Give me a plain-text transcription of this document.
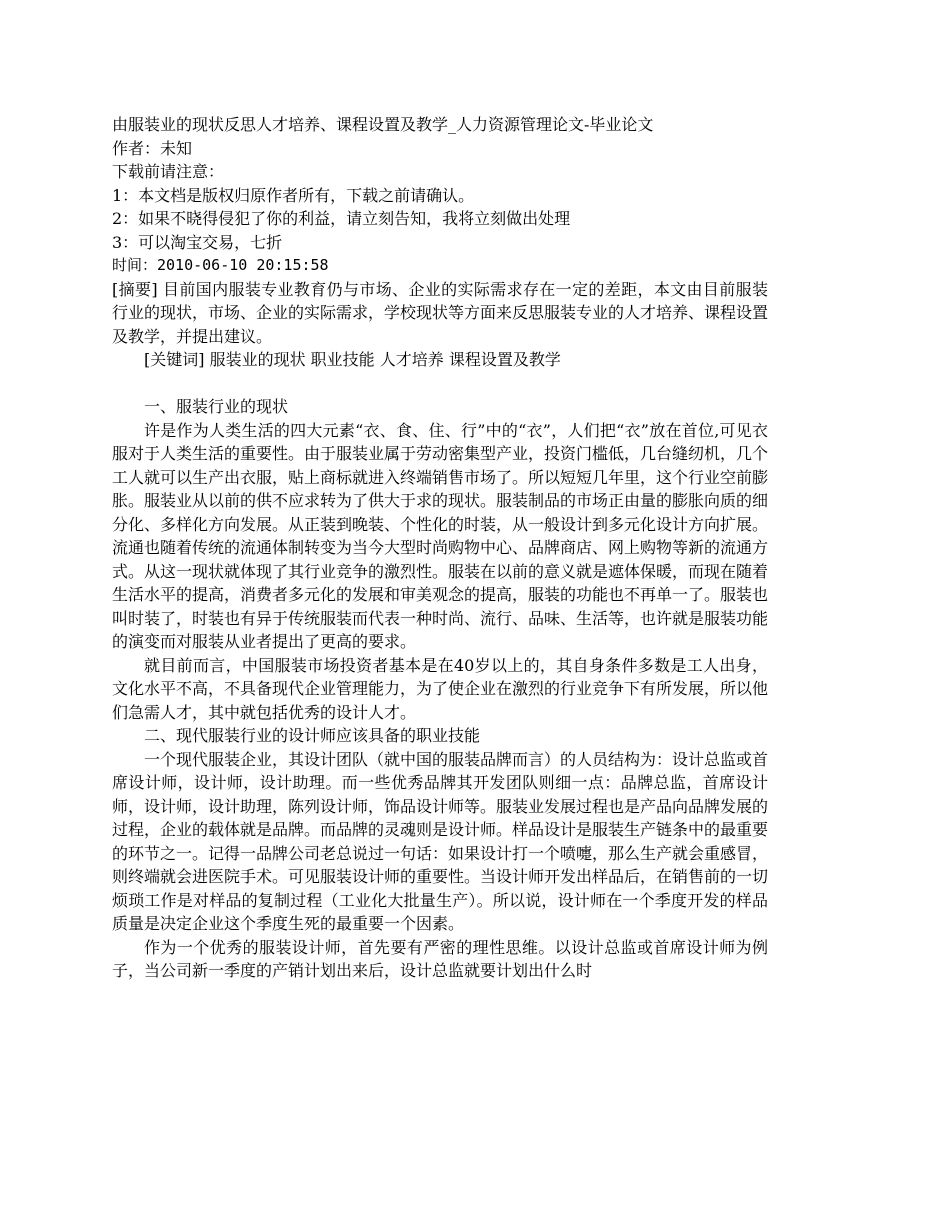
由服装业的现状反思人才培养、课程设置及教学_人力资源管理论文-毕业论文

作者：未知

下载前请注意：

1：本文档是版权归原作者所有，下载之前请确认。

2：如果不晓得侵犯了你的利益，请立刻告知，我将立刻做出处理

3：可以淘宝交易，七折

时间：2010-06-10 20:15:58

[摘要] 目前国内服装专业教育仍与市场、企业的实际需求存在一定的差距，本文由目前服装行业的现状，市场、企业的实际需求，学校现状等方面来反思服装专业的人才培养、课程设置及教学，并提出建议。

[关键词] 服装业的现状 职业技能 人才培养 课程设置及教学

一、服装行业的现状

许是作为人类生活的四大元素“衣、食、住、行”中的“衣”，人们把“衣”放在首位,可见衣服对于人类生活的重要性。由于服装业属于劳动密集型产业，投资门槛低，几台缝纫机，几个工人就可以生产出衣服，贴上商标就进入终端销售市场了。所以短短几年里，这个行业空前膨胀。服装业从以前的供不应求转为了供大于求的现状。服装制品的市场正由量的膨胀向质的细分化、多样化方向发展。从正装到晚装、个性化的时装，从一般设计到多元化设计方向扩展。流通也随着传统的流通体制转变为当今大型时尚购物中心、品牌商店、网上购物等新的流通方式。从这一现状就体现了其行业竞争的激烈性。服装在以前的意义就是遮体保暖，而现在随着生活水平的提高，消费者多元化的发展和审美观念的提高，服装的功能也不再单一了。服装也叫时装了，时装也有异于传统服装而代表一种时尚、流行、品味、生活等，也许就是服装功能的演变而对服装从业者提出了更高的要求。

就目前而言，中国服装市场投资者基本是在40岁以上的，其自身条件多数是工人出身，文化水平不高，不具备现代企业管理能力，为了使企业在激烈的行业竞争下有所发展，所以他们急需人才，其中就包括优秀的设计人才。

二、现代服装行业的设计师应该具备的职业技能

一个现代服装企业，其设计团队（就中国的服装品牌而言）的人员结构为：设计总监或首席设计师，设计师，设计助理。而一些优秀品牌其开发团队则细一点：品牌总监，首席设计师，设计师，设计助理，陈列设计师，饰品设计师等。服装业发展过程也是产品向品牌发展的过程，企业的载体就是品牌。而品牌的灵魂则是设计师。样品设计是服装生产链条中的最重要的环节之一。记得一品牌公司老总说过一句话：如果设计打一个喷嚏，那么生产就会重感冒，则终端就会进医院手术。可见服装设计师的重要性。当设计师开发出样品后，在销售前的一切烦琐工作是对样品的复制过程（工业化大批量生产）。所以说，设计师在一个季度开发的样品质量是决定企业这个季度生死的最重要一个因素。

作为一个优秀的服装设计师，首先要有严密的理性思维。以设计总监或首席设计师为例子，当公司新一季度的产销计划出来后，设计总监就要计划出什么时
